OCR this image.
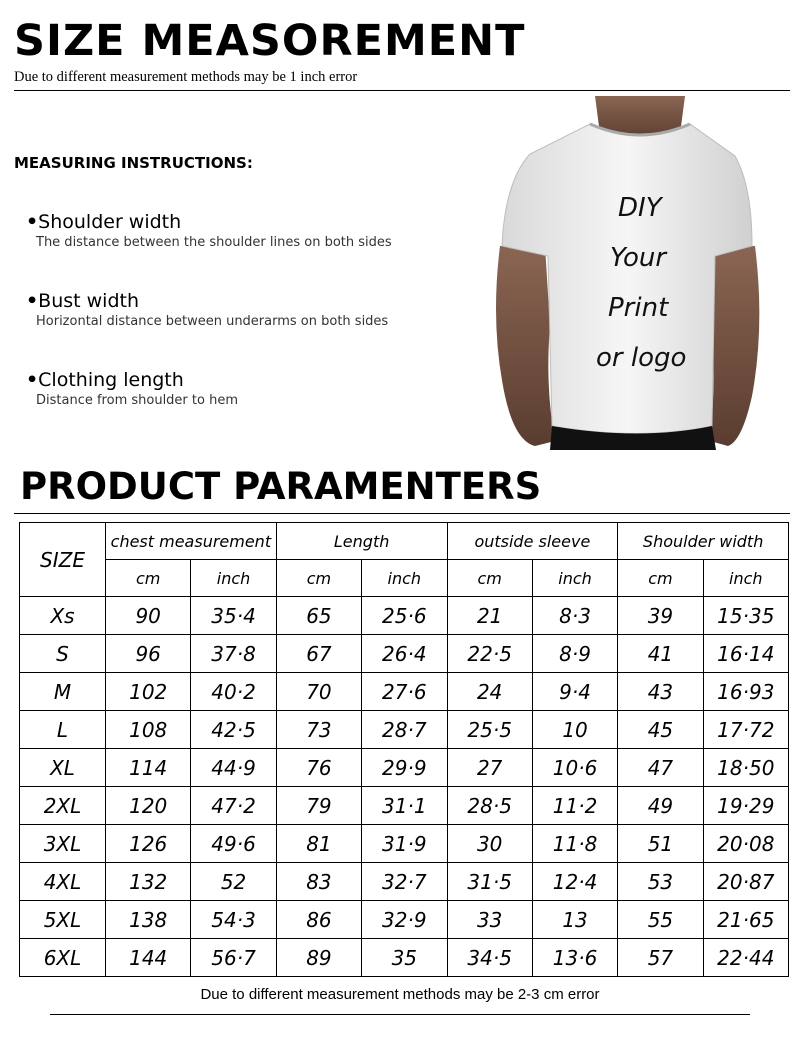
SIZE MEASOREMENT
Due to different measurement methods may be 1 inch error
MEASURING INSTRUCTIONS:
•Shoulder width
The distance between the shoulder lines on both sides
•Bust width
Horizontal distance between underarms on both sides
•Clothing length
Distance from shoulder to hem
DIY
Your
Print
or logo
PRODUCT PARAMENTERS
SIZE	chest measurement		Length		outside sleeve		Shoulder width	
	cm	inch	cm	inch	cm	inch	cm	inch
Xs	90	35·4	65	25·6	21	8·3	39	15·35
S	96	37·8	67	26·4	22·5	8·9	41	16·14
M	102	40·2	70	27·6	24	9·4	43	16·93
L	108	42·5	73	28·7	25·5	10	45	17·72
XL	114	44·9	76	29·9	27	10·6	47	18·50
2XL	120	47·2	79	31·1	28·5	11·2	49	19·29
3XL	126	49·6	81	31·9	30	11·8	51	20·08
4XL	132	52	83	32·7	31·5	12·4	53	20·87
5XL	138	54·3	86	32·9	33	13	55	21·65
6XL	144	56·7	89	35	34·5	13·6	57	22·44
Due to different measurement methods may be 2-3 cm error
